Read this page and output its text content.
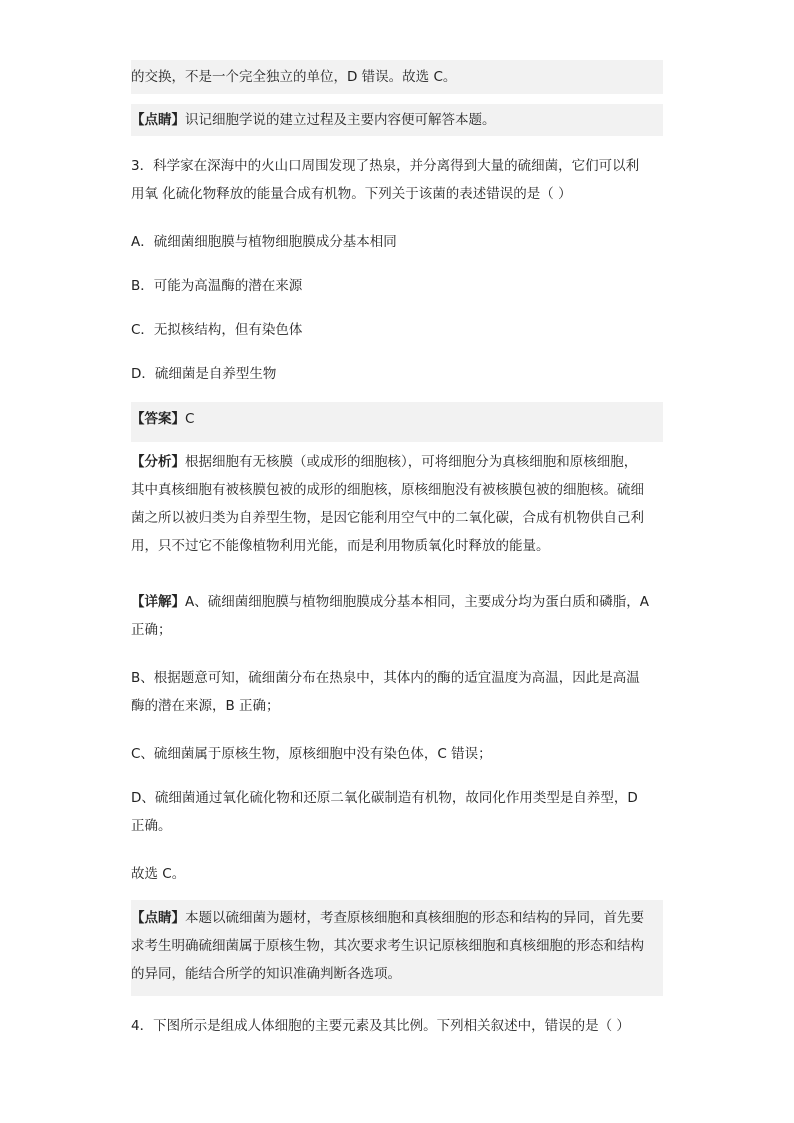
的交换，不是一个完全独立的单位，D 错误。故选 C。
【点睛】识记细胞学说的建立过程及主要内容便可解答本题。
3．科学家在深海中的火山口周围发现了热泉，并分离得到大量的硫细菌，它们可以利
用氧 化硫化物释放的能量合成有机物。下列关于该菌的表述错误的是（ ）
A．硫细菌细胞膜与植物细胞膜成分基本相同
B．可能为高温酶的潜在来源
C．无拟核结构，但有染色体
D．硫细菌是自养型生物
【答案】C
【分析】根据细胞有无核膜（或成形的细胞核），可将细胞分为真核细胞和原核细胞，
其中真核细胞有被核膜包被的成形的细胞核，原核细胞没有被核膜包被的细胞核。硫细
菌之所以被归类为自养型生物，是因它能利用空气中的二氧化碳，合成有机物供自己利
用，只不过它不能像植物利用光能，而是利用物质氧化时释放的能量。
【详解】A、硫细菌细胞膜与植物细胞膜成分基本相同，主要成分均为蛋白质和磷脂，A
正确；
B、根据题意可知，硫细菌分布在热泉中，其体内的酶的适宜温度为高温，因此是高温
酶的潜在来源，B 正确；
C、硫细菌属于原核生物，原核细胞中没有染色体，C 错误；
D、硫细菌通过氧化硫化物和还原二氧化碳制造有机物，故同化作用类型是自养型，D
正确。
故选 C。
【点睛】本题以硫细菌为题材，考查原核细胞和真核细胞的形态和结构的异同，首先要
求考生明确硫细菌属于原核生物，其次要求考生识记原核细胞和真核细胞的形态和结构
的异同，能结合所学的知识准确判断各选项。
4．下图所示是组成人体细胞的主要元素及其比例。下列相关叙述中，错误的是（ ）
